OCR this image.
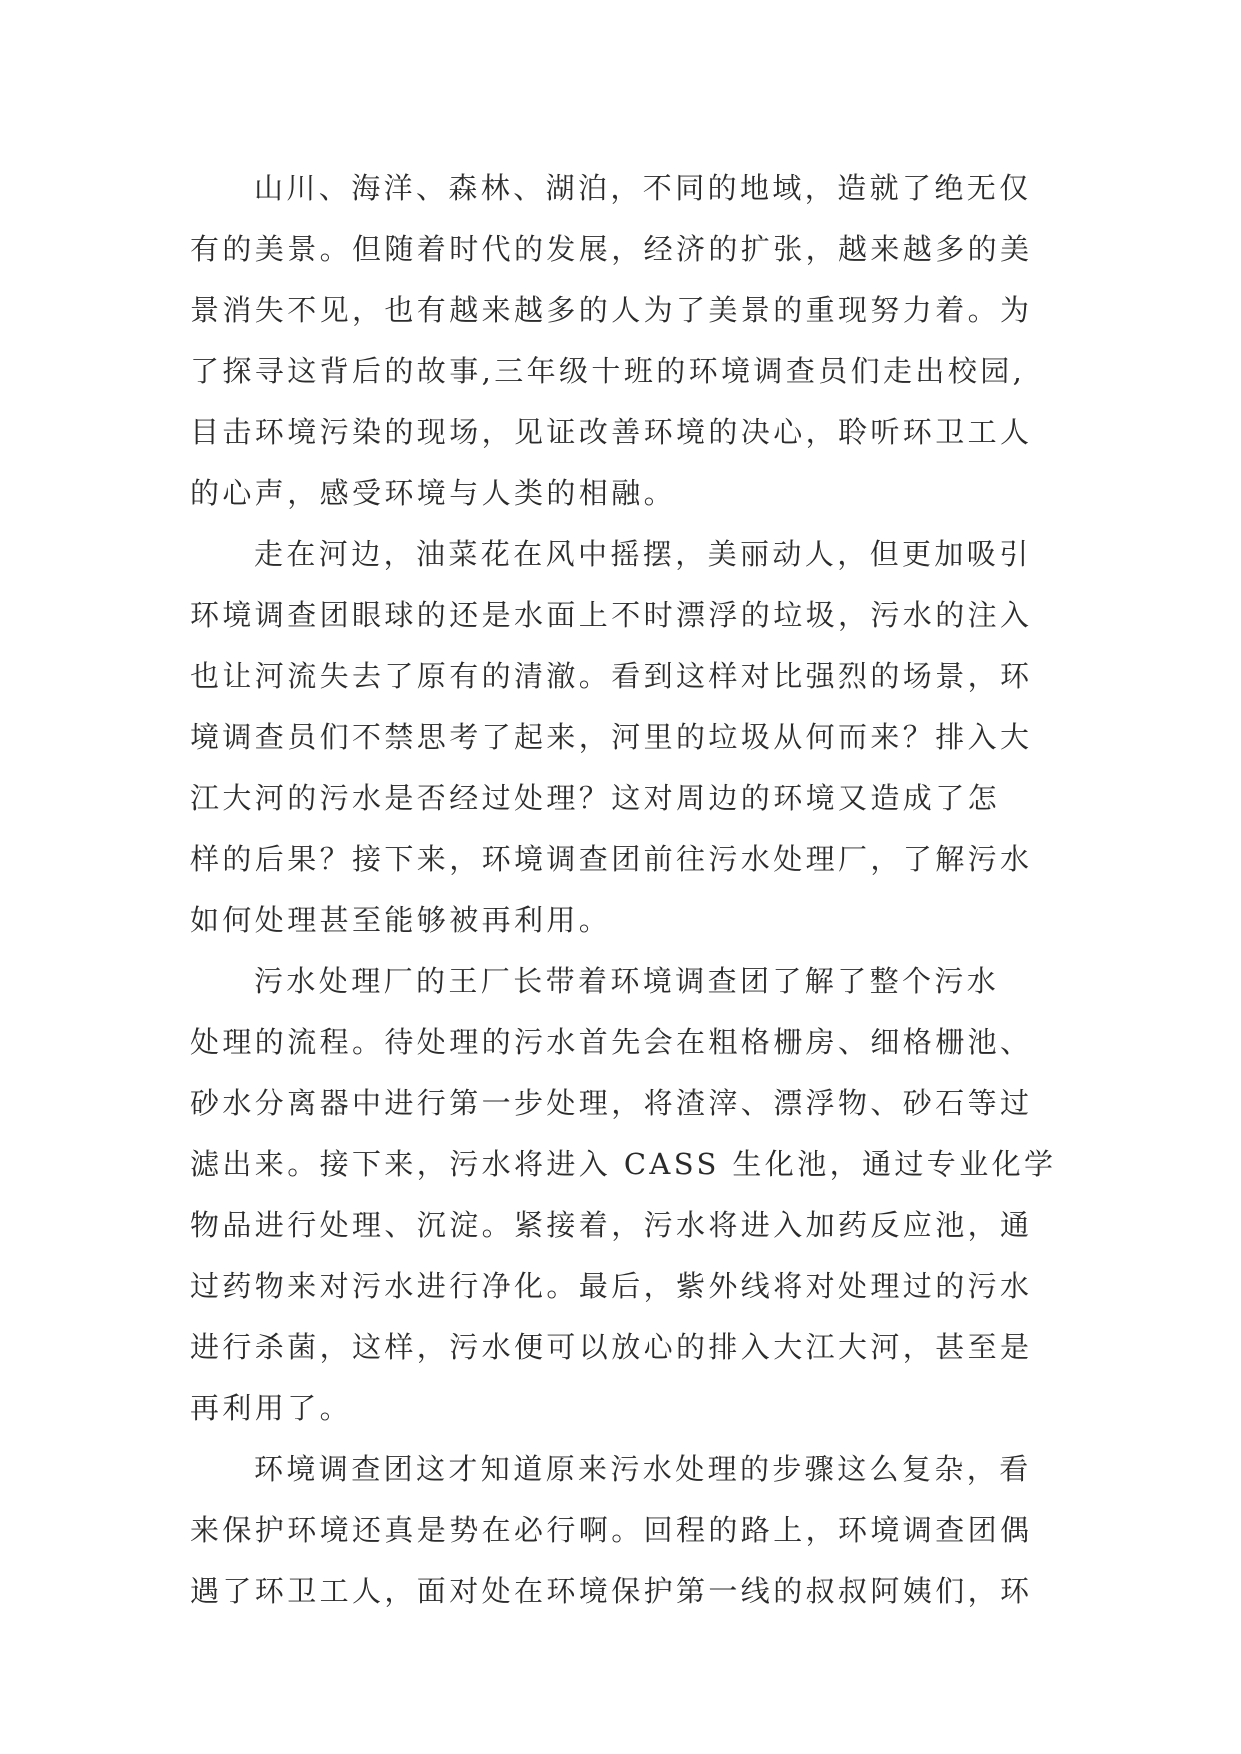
山川、海洋、森林、湖泊，不同的地域，造就了绝无仅
有的美景。但随着时代的发展，经济的扩张，越来越多的美
景消失不见，也有越来越多的人为了美景的重现努力着。为
了探寻这背后的故事,三年级十班的环境调查员们走出校园,
目击环境污染的现场，见证改善环境的决心，聆听环卫工人
的心声，感受环境与人类的相融。

走在河边，油菜花在风中摇摆，美丽动人，但更加吸引
环境调查团眼球的还是水面上不时漂浮的垃圾，污水的注入
也让河流失去了原有的清澈。看到这样对比强烈的场景，环
境调查员们不禁思考了起来，河里的垃圾从何而来？排入大
江大河的污水是否经过处理？这对周边的环境又造成了怎
样的后果？接下来，环境调查团前往污水处理厂，了解污水
如何处理甚至能够被再利用。

污水处理厂的王厂长带着环境调查团了解了整个污水
处理的流程。待处理的污水首先会在粗格栅房、细格栅池、
砂水分离器中进行第一步处理，将渣滓、漂浮物、砂石等过
滤出来。接下来，污水将进入 CASS 生化池，通过专业化学
物品进行处理、沉淀。紧接着，污水将进入加药反应池，通
过药物来对污水进行净化。最后，紫外线将对处理过的污水
进行杀菌，这样，污水便可以放心的排入大江大河，甚至是
再利用了。

环境调查团这才知道原来污水处理的步骤这么复杂，看
来保护环境还真是势在必行啊。回程的路上，环境调查团偶
遇了环卫工人，面对处在环境保护第一线的叔叔阿姨们，环
